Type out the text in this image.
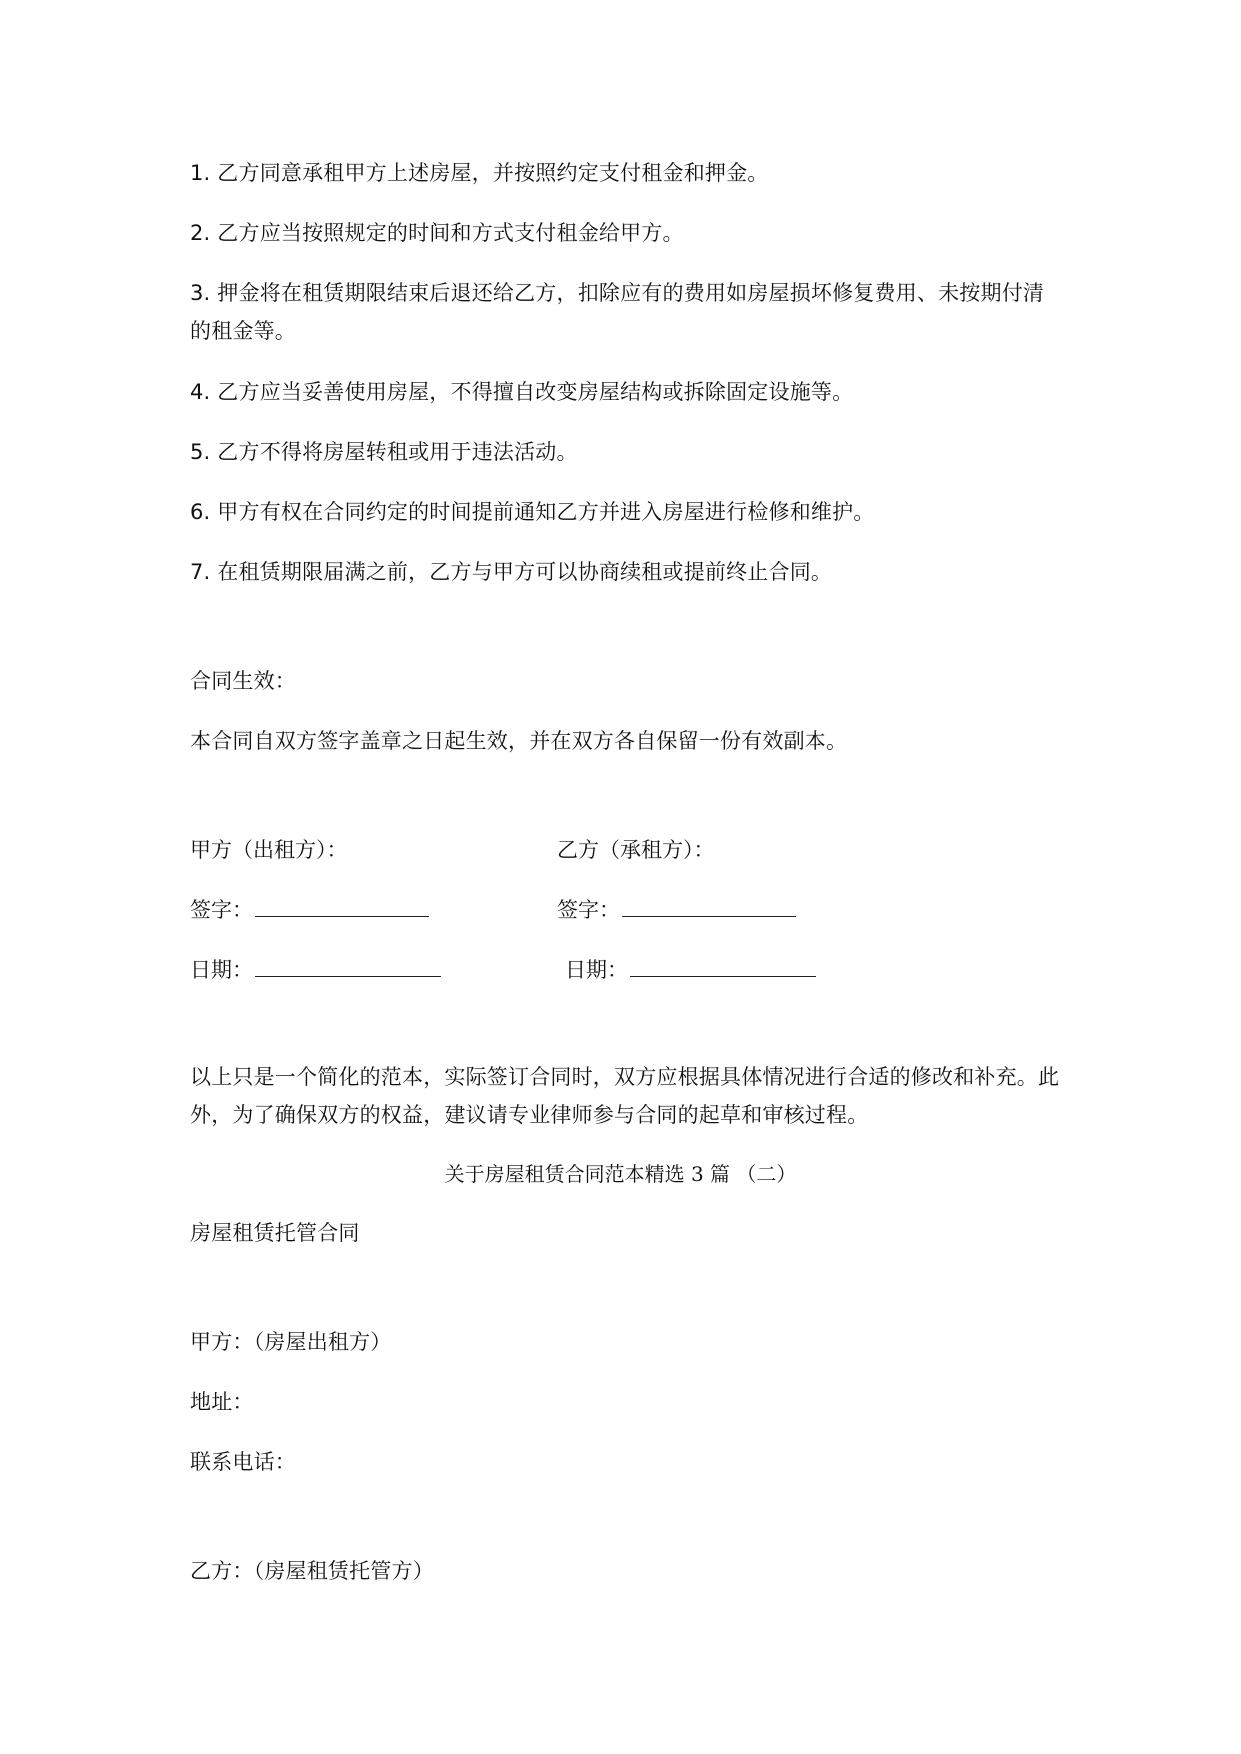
1. 乙方同意承租甲方上述房屋，并按照约定支付租金和押金。
2. 乙方应当按照规定的时间和方式支付租金给甲方。
3. 押金将在租赁期限结束后退还给乙方，扣除应有的费用如房屋损坏修复费用、未按期付清的租金等。
4. 乙方应当妥善使用房屋，不得擅自改变房屋结构或拆除固定设施等。
5. 乙方不得将房屋转租或用于违法活动。
6. 甲方有权在合同约定的时间提前通知乙方并进入房屋进行检修和维护。
7. 在租赁期限届满之前，乙方与甲方可以协商续租或提前终止合同。
合同生效：
本合同自双方签字盖章之日起生效，并在双方各自保留一份有效副本。
甲方（出租方）：	乙方（承租方）：
签字：	签字：
日期：	日期：
以上只是一个简化的范本，实际签订合同时，双方应根据具体情况进行合适的修改和补充。此外，为了确保双方的权益，建议请专业律师参与合同的起草和审核过程。
关于房屋租赁合同范本精选 3 篇 （二）
房屋租赁托管合同
甲方：（房屋出租方）
地址：
联系电话：
乙方：（房屋租赁托管方）
